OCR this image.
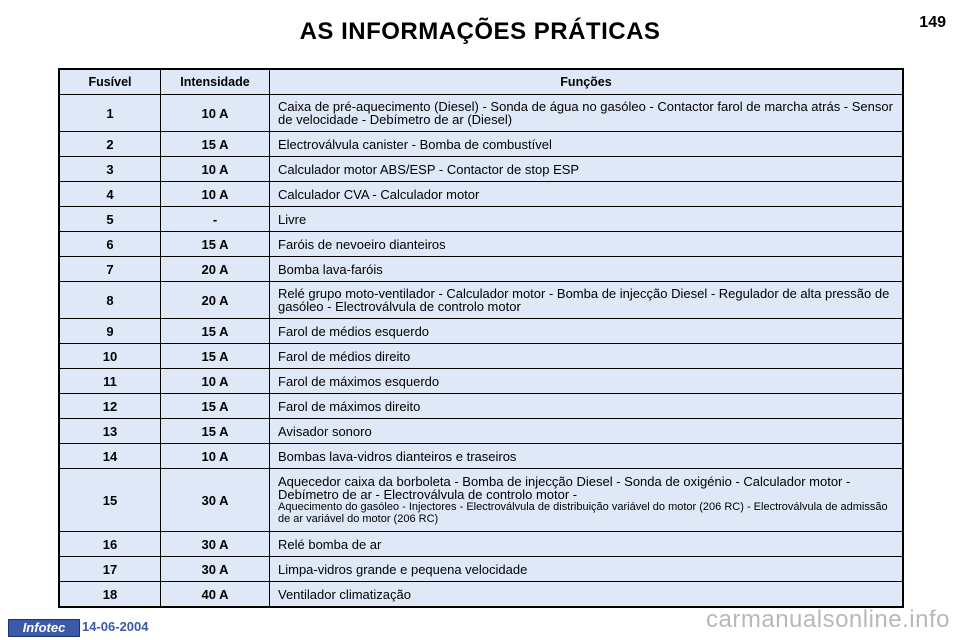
AS INFORMAÇÕES PRÁTICAS	149
Fusível	Intensidade	Funções
1	10 A	Caixa de pré-aquecimento (Diesel) - Sonda de água no gasóleo - Contactor farol de marcha atrás - Sensor de velocidade - Debímetro de ar (Diesel)
2	15 A	Electroválvula canister - Bomba de combustível
3	10 A	Calculador motor ABS/ESP - Contactor de stop ESP
4	10 A	Calculador CVA - Calculador motor
5	-	Livre
6	15 A	Faróis de nevoeiro dianteiros
7	20 A	Bomba lava-faróis
8	20 A	Relé grupo moto-ventilador - Calculador motor - Bomba de injecção Diesel - Regulador de alta pressão de gasóleo - Electroválvula de controlo motor
9	15 A	Farol de médios esquerdo
10	15 A	Farol de médios direito
11	10 A	Farol de máximos esquerdo
12	15 A	Farol de máximos direito
13	15 A	Avisador sonoro
14	10 A	Bombas lava-vidros dianteiros e traseiros
15	30 A	Aquecedor caixa da borboleta - Bomba de injecção Diesel - Sonda de oxigénio - Calculador motor - Debímetro de ar - Electroválvula de controlo motor -
Aquecimento do gasóleo - Injectores - Electroválvula de distribuição variável do motor (206 RC) - Electroválvula de admissão de ar variável do motor (206 RC)

16	30 A	Relé bomba de ar
17	30 A	Limpa-vidros grande e pequena velocidade
18	40 A	Ventilador climatização
Infotec	14-06-2004	carmanualsonline.info
